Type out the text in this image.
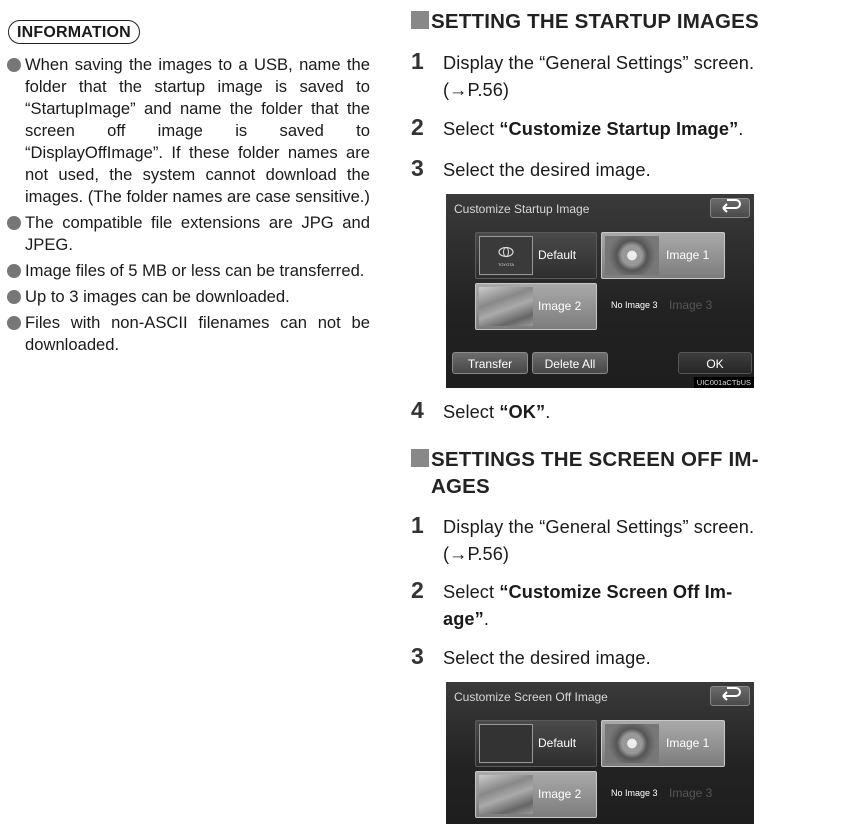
INFORMATION
When saving the images to a USB, name the folder that the startup image is saved to “StartupImage” and name the folder that the screen off image is saved to “DisplayOffImage”. If these folder names are not used, the system cannot download the images. (The folder names are case sensitive.)
The compatible file extensions are JPG and JPEG.
Image files of 5 MB or less can be transferred.
Up to 3 images can be downloaded.
Files with non-ASCII filenames can not be downloaded.
SETTING THE STARTUP IMAGES
1 Display the “General Settings” screen.
(→P.56)
2 Select “Customize Startup Image”.
3 Select the desired image.
Customize Startup Image
TOYOTA
Default	Image 1
Image 2	No Image 3 Image 3
Transfer	Delete All	OK
UIC001aCTbUS
4 Select “OK”.
SETTINGS THE SCREEN OFF IM-
AGES
1 Display the “General Settings” screen.
(→P.56)
2 Select “Customize Screen Off Im-
age”.
3 Select the desired image.
Customize Screen Off Image
Default	Image 1
Image 2	No Image 3 Image 3
